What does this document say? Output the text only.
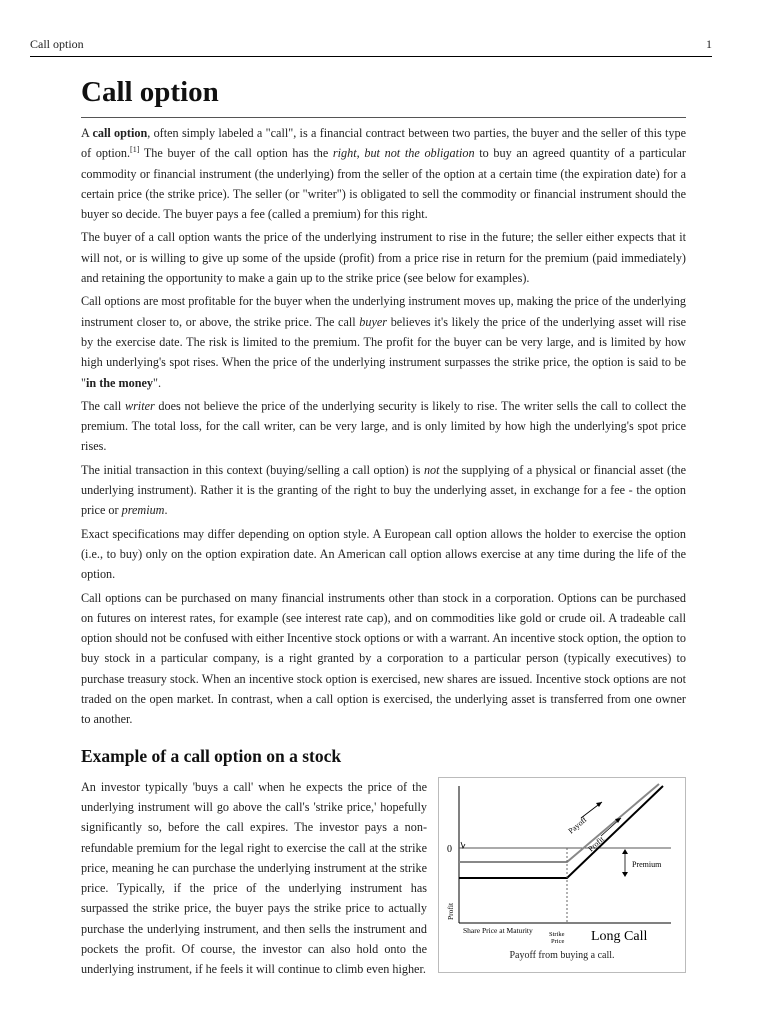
Call option	1
Call option

A call option, often simply labeled a "call", is a financial contract between two parties, the buyer and the seller of this type of option.[1] The buyer of the call option has the right, but not the obligation to buy an agreed quantity of a particular commodity or financial instrument (the underlying) from the seller of the option at a certain time (the expiration date) for a certain price (the strike price). The seller (or "writer") is obligated to sell the commodity or financial instrument should the buyer so decide. The buyer pays a fee (called a premium) for this right.

The buyer of a call option wants the price of the underlying instrument to rise in the future; the seller either expects that it will not, or is willing to give up some of the upside (profit) from a price rise in return for the premium (paid immediately) and retaining the opportunity to make a gain up to the strike price (see below for examples).

Call options are most profitable for the buyer when the underlying instrument moves up, making the price of the underlying instrument closer to, or above, the strike price. The call buyer believes it's likely the price of the underlying asset will rise by the exercise date. The risk is limited to the premium. The profit for the buyer can be very large, and is limited by how high underlying's spot rises. When the price of the underlying instrument surpasses the strike price, the option is said to be "in the money".

The call writer does not believe the price of the underlying security is likely to rise. The writer sells the call to collect the premium. The total loss, for the call writer, can be very large, and is only limited by how high the underlying's spot price rises.

The initial transaction in this context (buying/selling a call option) is not the supplying of a physical or financial asset (the underlying instrument). Rather it is the granting of the right to buy the underlying asset, in exchange for a fee - the option price or premium.

Exact specifications may differ depending on option style. A European call option allows the holder to exercise the option (i.e., to buy) only on the option expiration date. An American call option allows exercise at any time during the life of the option.

Call options can be purchased on many financial instruments other than stock in a corporation. Options can be purchased on futures on interest rates, for example (see interest rate cap), and on commodities like gold or crude oil. A tradeable call option should not be confused with either Incentive stock options or with a warrant. An incentive stock option, the option to buy stock in a particular company, is a right granted by a corporation to a particular person (typically executives) to purchase treasury stock. When an incentive stock option is exercised, new shares are issued. Incentive stock options are not traded on the open market. In contrast, when a call option is exercised, the underlying asset is transferred from one owner to another.

Example of a call option on a stock

An investor typically 'buys a call' when he expects the price of the underlying instrument will go above the call's 'strike price,' hopefully significantly so, before the call expires. The investor pays a non-refundable premium for the legal right to exercise the call at the strike price, meaning he can purchase the underlying instrument at the strike price. Typically, if the price of the underlying instrument has surpassed the strike price, the buyer pays the strike price to actually purchase the underlying instrument, and then sells the instrument and pockets the profit. Of course, the investor can also hold onto the underlying instrument, if he feels it will continue to climb even higher.

0
Payoff
Profit
Premium
Profit
Share Price at Maturity Strike
Price Long Call
Payoff from buying a call.
